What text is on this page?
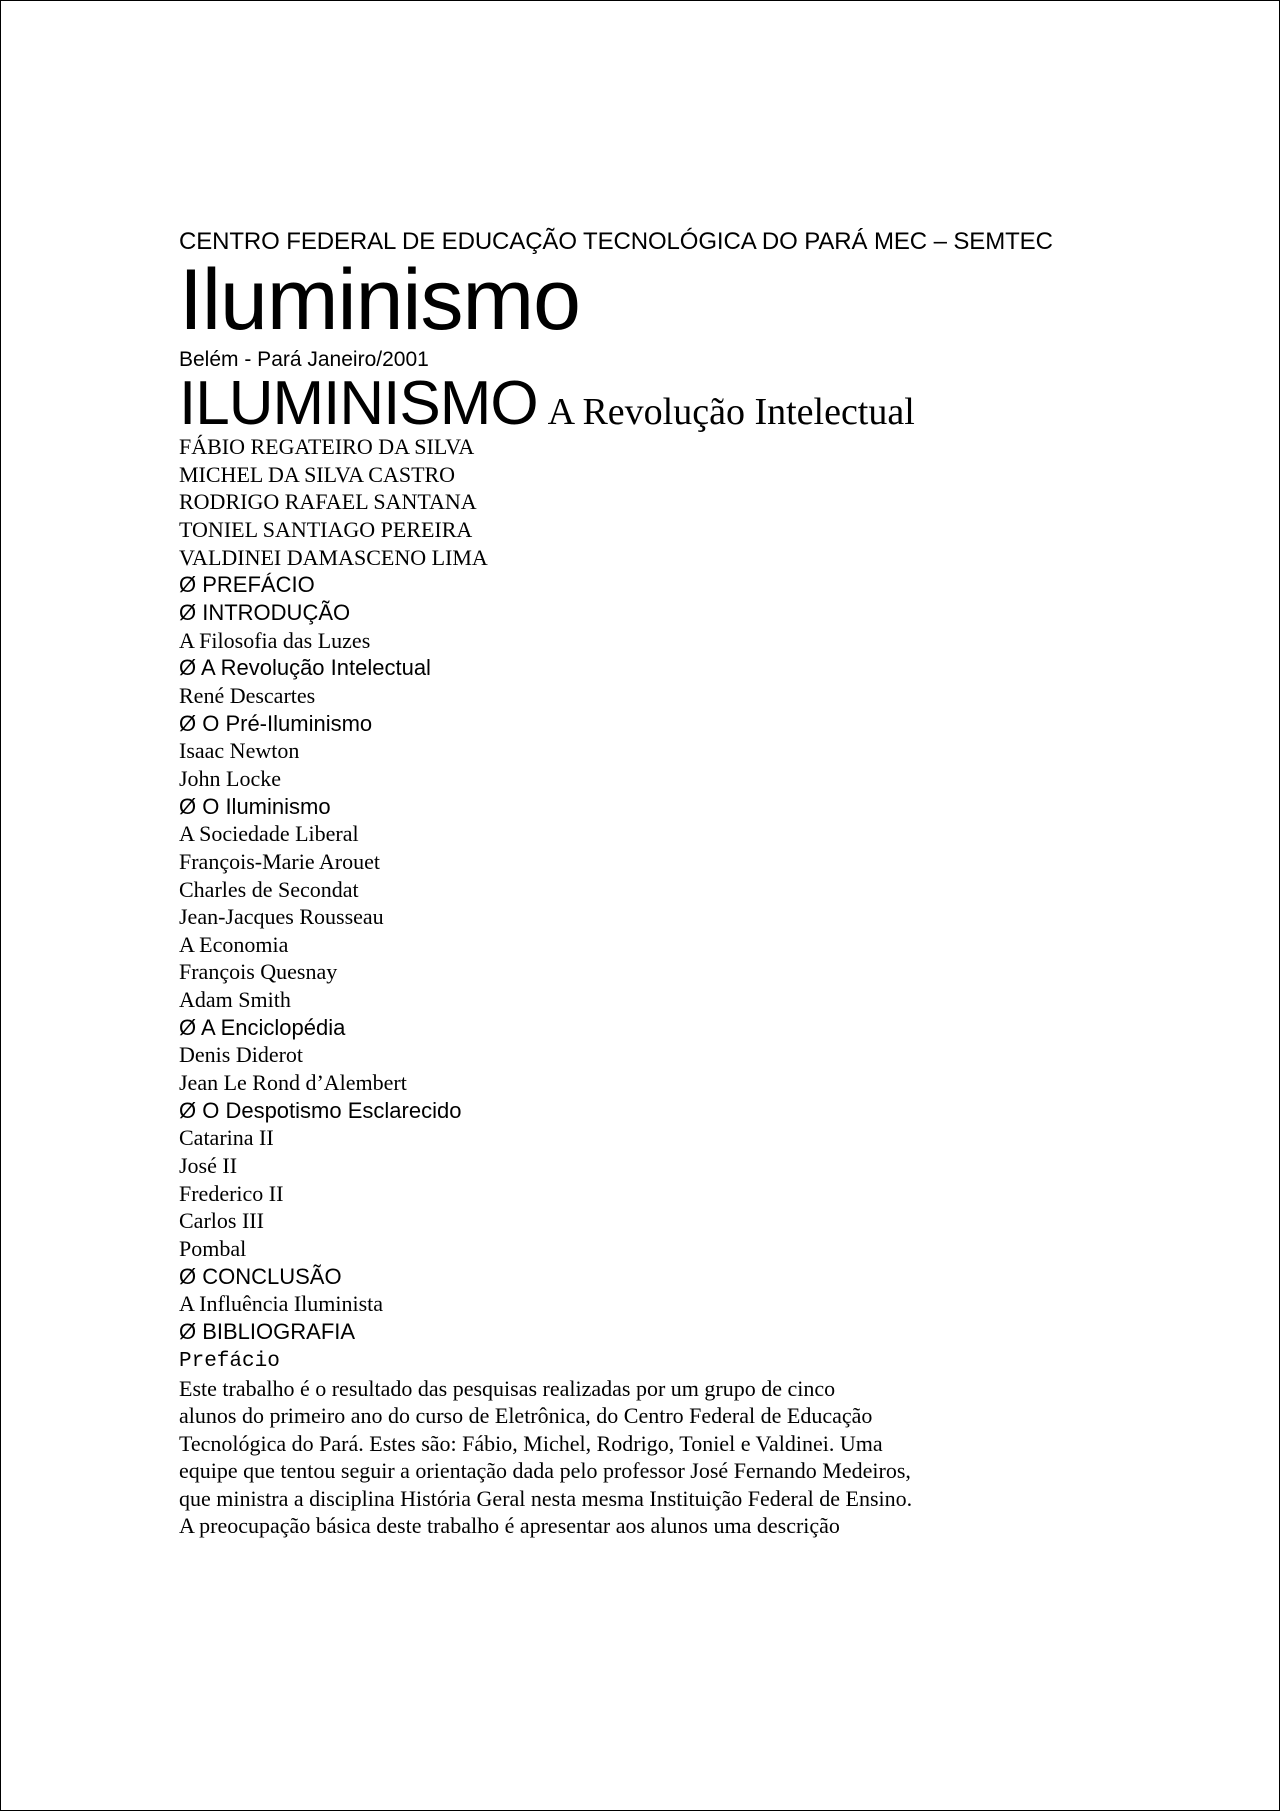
CENTRO FEDERAL DE EDUCAÇÃO TECNOLÓGICA DO PARÁ MEC – SEMTEC
Iluminismo
Belém - Pará Janeiro/2001
ILUMINISMO A Revolução Intelectual
FÁBIO REGATEIRO DA SILVA
MICHEL DA SILVA CASTRO
RODRIGO RAFAEL SANTANA
TONIEL SANTIAGO PEREIRA
VALDINEI DAMASCENO LIMA
Ø PREFÁCIO
Ø INTRODUÇÃO
A Filosofia das Luzes
Ø A Revolução Intelectual
René Descartes
Ø O Pré-Iluminismo
Isaac Newton
John Locke
Ø O Iluminismo
A Sociedade Liberal
François-Marie Arouet
Charles de Secondat
Jean-Jacques Rousseau
A Economia
François Quesnay
Adam Smith
Ø A Enciclopédia
Denis Diderot
Jean Le Rond d’Alembert
Ø O Despotismo Esclarecido
Catarina II
José II
Frederico II
Carlos III
Pombal
Ø CONCLUSÃO
A Influência Iluminista
Ø BIBLIOGRAFIA
Prefácio

Este trabalho é o resultado das pesquisas realizadas por um grupo de cinco

alunos do primeiro ano do curso de Eletrônica, do Centro Federal de Educação

Tecnológica do Pará. Estes são: Fábio, Michel, Rodrigo, Toniel e Valdinei. Uma

equipe que tentou seguir a orientação dada pelo professor José Fernando Medeiros,

que ministra a disciplina História Geral nesta mesma Instituição Federal de Ensino.

A preocupação básica deste trabalho é apresentar aos alunos uma descrição
